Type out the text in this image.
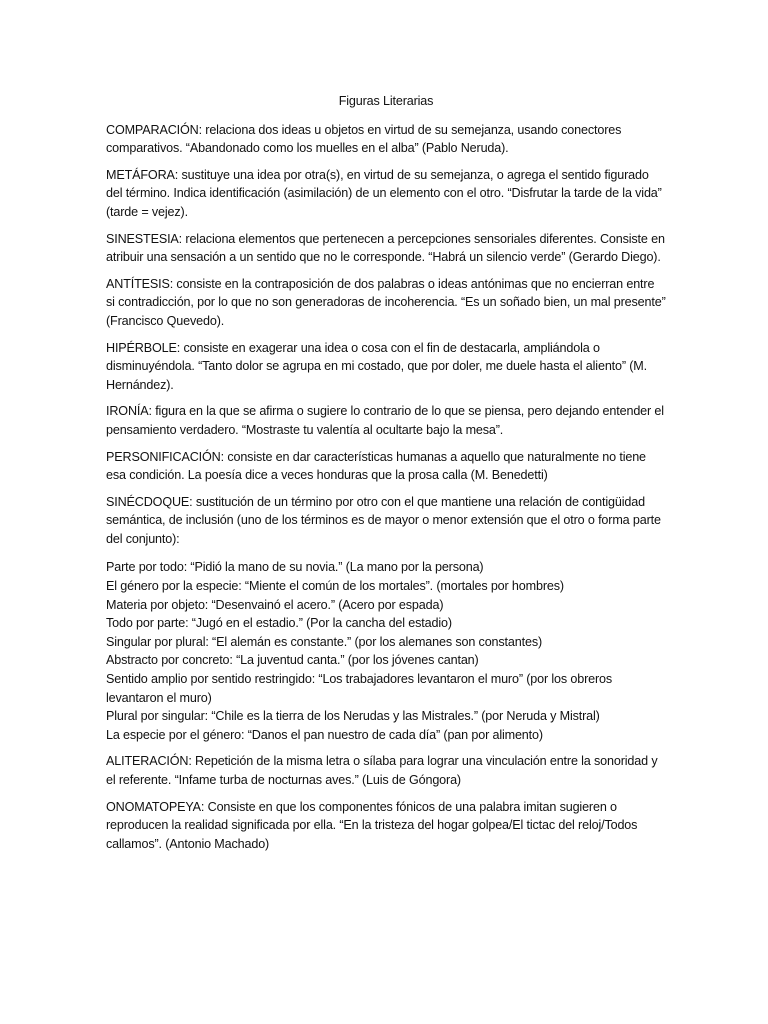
Figuras Literarias

COMPARACIÓN: relaciona dos ideas u objetos en virtud de su semejanza, usando conectores comparativos. “Abandonado como los muelles en el alba” (Pablo Neruda).

METÁFORA: sustituye una idea por otra(s), en virtud de su semejanza, o agrega el sentido figurado del término. Indica identificación (asimilación) de un elemento con el otro. “Disfrutar la tarde de la vida” (tarde = vejez).

SINESTESIA: relaciona elementos que pertenecen a percepciones sensoriales diferentes. Consiste en atribuir una sensación a un sentido que no le corresponde. “Habrá un silencio verde” (Gerardo Diego).

ANTÍTESIS: consiste en la contraposición de dos palabras o ideas antónimas que no encierran entre si contradicción, por lo que no son generadoras de incoherencia. “Es un soñado bien, un mal presente” (Francisco Quevedo).

HIPÉRBOLE: consiste en exagerar una idea o cosa con el fin de destacarla, ampliándola o disminuyéndola. “Tanto dolor se agrupa en mi costado, que por doler, me duele hasta el aliento” (M. Hernández).

IRONÍA: figura en la que se afirma o sugiere lo contrario de lo que se piensa, pero dejando entender el pensamiento verdadero. “Mostraste tu valentía al ocultarte bajo la mesa”.

PERSONIFICACIÓN: consiste en dar características humanas a aquello que naturalmente no tiene esa condición. La poesía dice a veces honduras que la prosa calla (M. Benedetti)

SINÉCDOQUE: sustitución de un término por otro con el que mantiene una relación de contigüidad semántica, de inclusión (uno de los términos es de mayor o menor extensión que el otro o forma parte del conjunto):

Parte por todo: “Pidió la mano de su novia.” (La mano por la persona)
El género por la especie: “Miente el común de los mortales”. (mortales por hombres)
Materia por objeto: “Desenvainó el acero.” (Acero por espada)
Todo por parte: “Jugó en el estadio.” (Por la cancha del estadio)
Singular por plural: “El alemán es constante.” (por los alemanes son constantes)
Abstracto por concreto: “La juventud canta.” (por los jóvenes cantan)
Sentido amplio por sentido restringido: “Los trabajadores levantaron el muro” (por los obreros levantaron el muro)
Plural por singular: “Chile es la tierra de los Nerudas y las Mistrales.” (por Neruda y Mistral)
La especie por el género: “Danos el pan nuestro de cada día” (pan por alimento)

ALITERACIÓN: Repetición de la misma letra o sílaba para lograr una vinculación entre la sonoridad y el referente. “Infame turba de nocturnas aves.” (Luis de Góngora)

ONOMATOPEYA: Consiste en que los componentes fónicos de una palabra imitan sugieren o reproducen la realidad significada por ella. “En la tristeza del hogar golpea/El tictac del reloj/Todos callamos”. (Antonio Machado)
